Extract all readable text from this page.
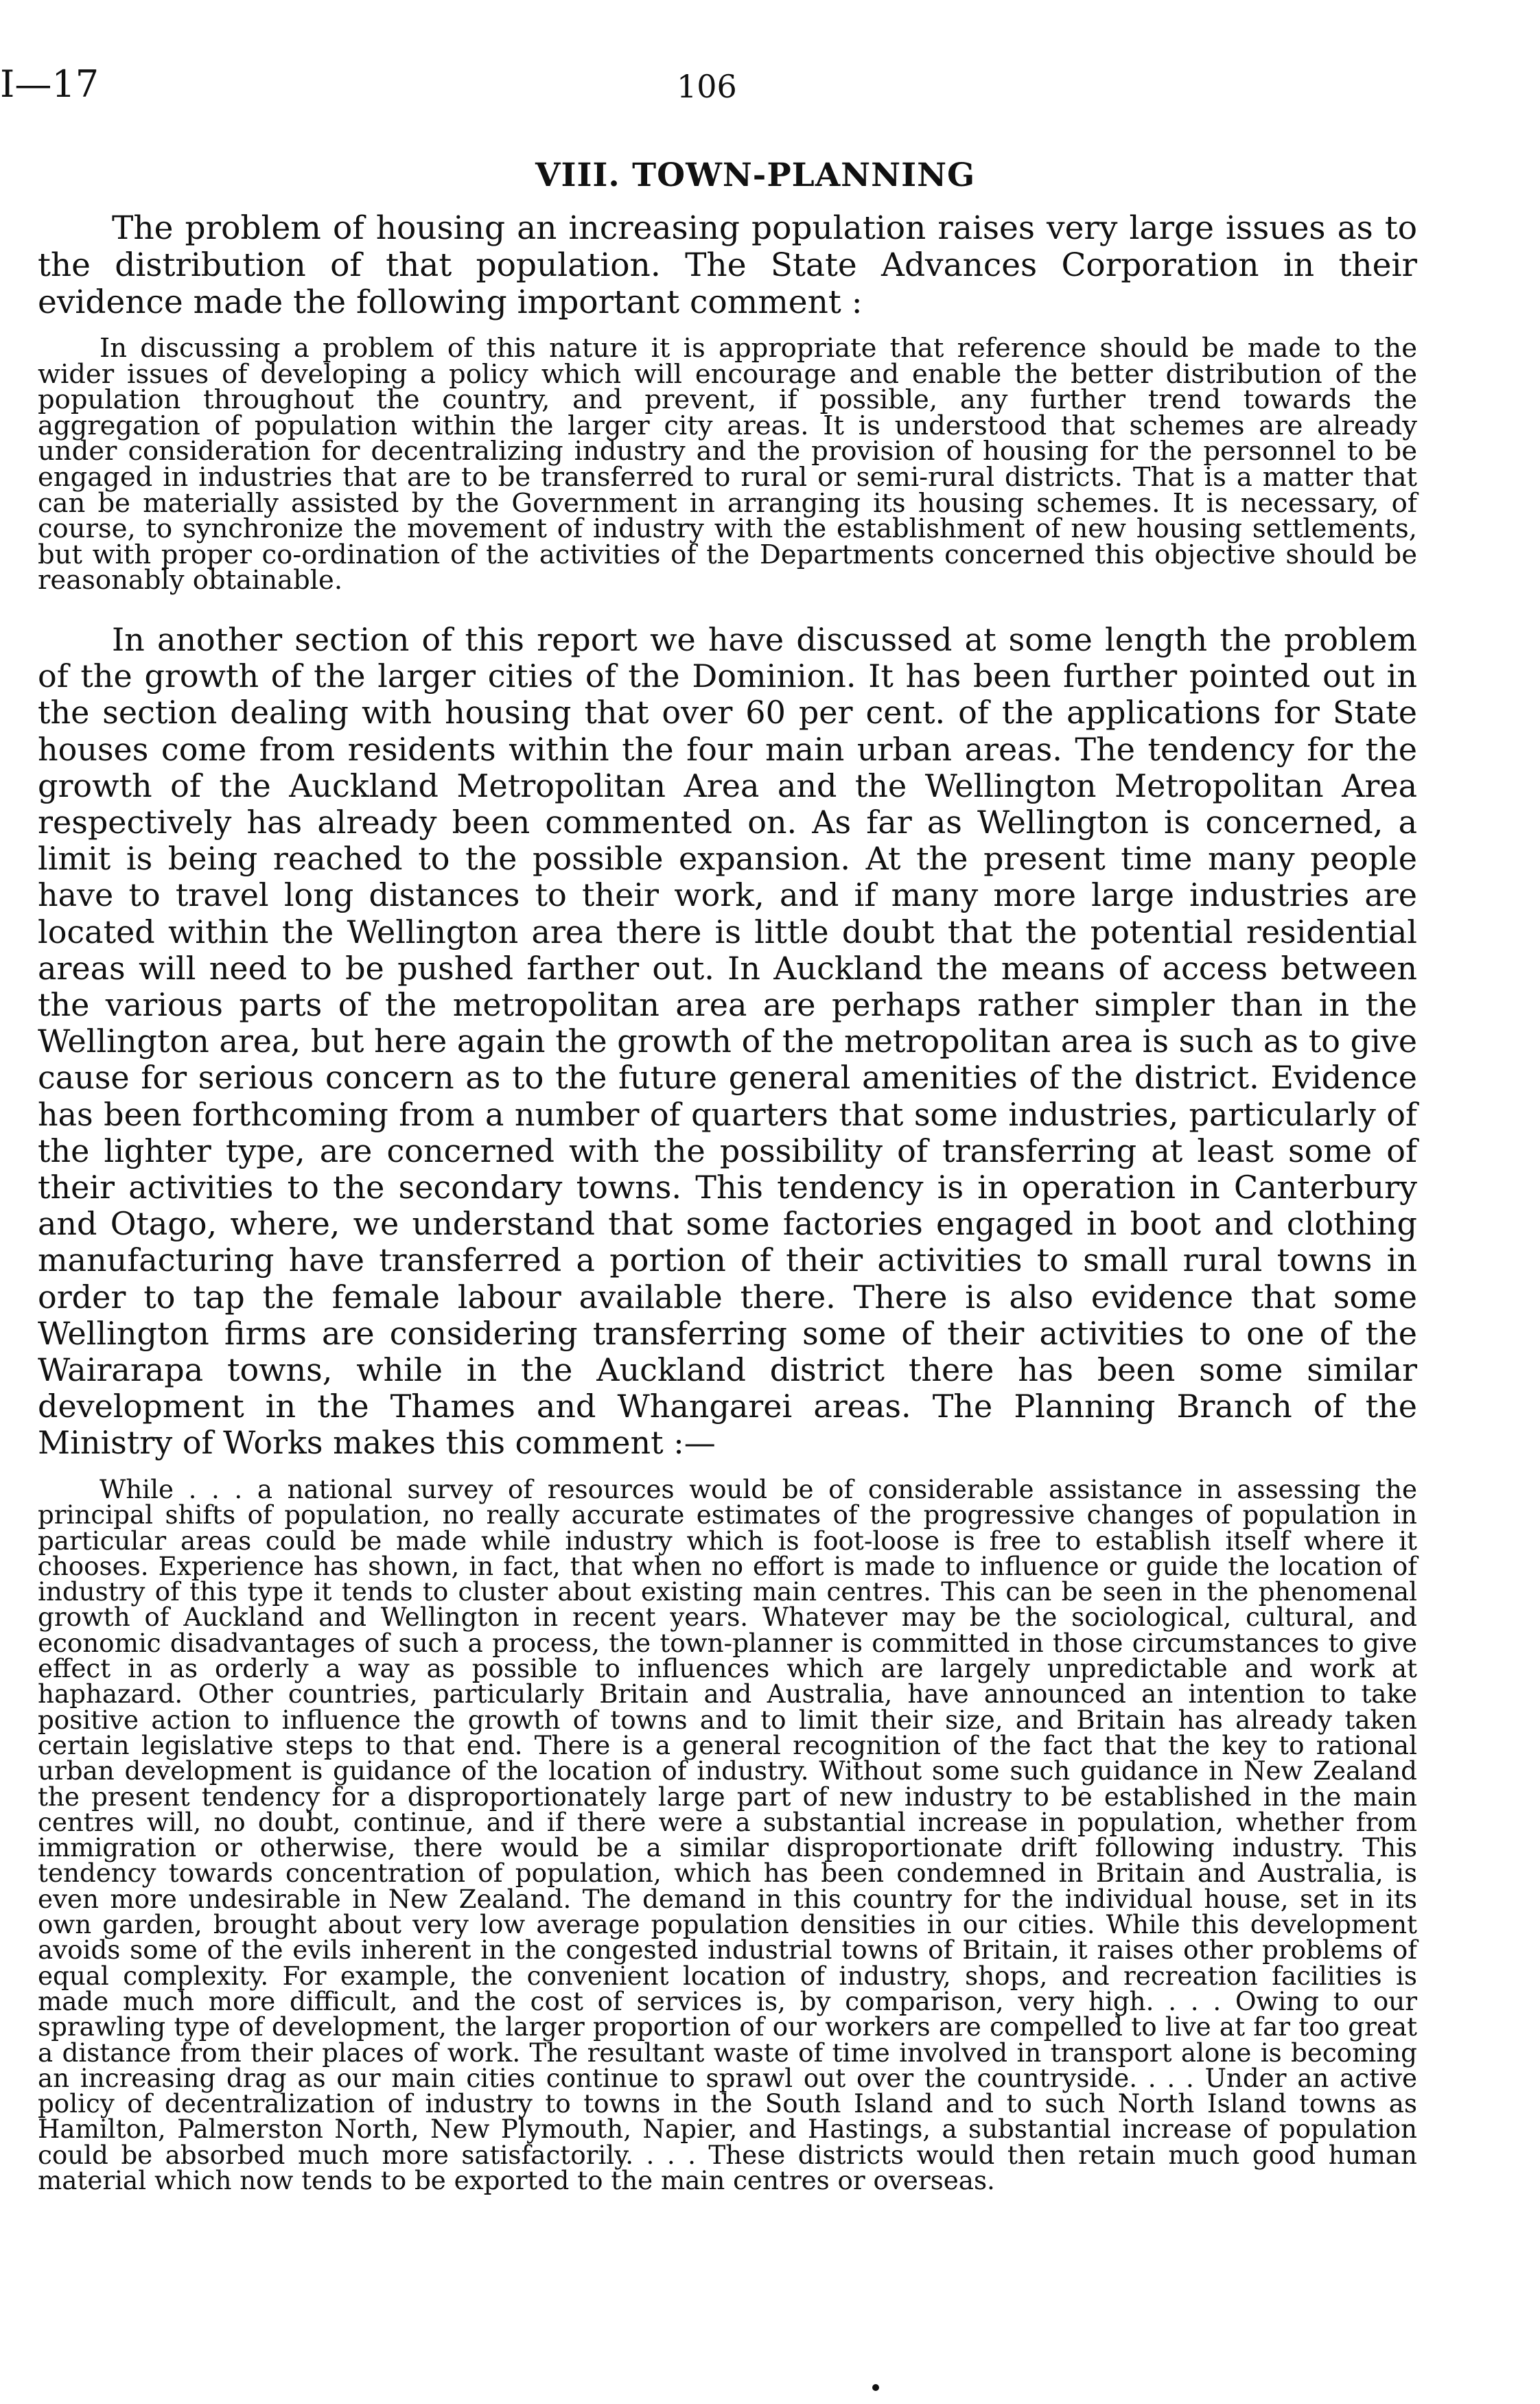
I—17	106
VIII. TOWN-PLANNING

The problem of housing an increasing population raises very large issues as to the distribution of that population. The State Advances Corporation in their evidence made the following important comment :

In discussing a problem of this nature it is appropriate that reference should be made to the wider issues of developing a policy which will encourage and enable the better distribution of the population throughout the country, and prevent, if possible, any further trend towards the aggregation of population within the larger city areas. It is understood that schemes are already under consideration for decentralizing industry and the provision of housing for the personnel to be engaged in industries that are to be transferred to rural or semi-rural districts. That is a matter that can be materially assisted by the Government in arranging its housing schemes. It is necessary, of course, to synchronize the movement of industry with the establishment of new housing settlements, but with proper co-ordination of the activities of the Departments concerned this objective should be reasonably obtainable.

In another section of this report we have discussed at some length the problem of the growth of the larger cities of the Dominion. It has been further pointed out in the section dealing with housing that over 60 per cent. of the applications for State houses come from residents within the four main urban areas. The tendency for the growth of the Auckland Metropolitan Area and the Wellington Metropolitan Area respectively has already been commented on. As far as Wellington is concerned, a limit is being reached to the possible expansion. At the present time many people have to travel long distances to their work, and if many more large industries are located within the Wellington area there is little doubt that the potential residential areas will need to be pushed farther out. In Auckland the means of access between the various parts of the metropolitan area are perhaps rather simpler than in the Wellington area, but here again the growth of the metropolitan area is such as to give cause for serious concern as to the future general amenities of the district. Evidence has been forthcoming from a number of quarters that some industries, particularly of the lighter type, are concerned with the possibility of transferring at least some of their activities to the secondary towns. This tendency is in operation in Canterbury and Otago, where, we understand that some factories engaged in boot and clothing manufacturing have transferred a portion of their activities to small rural towns in order to tap the female labour available there. There is also evidence that some Wellington firms are considering transferring some of their activities to one of the Wairarapa towns, while in the Auckland district there has been some similar development in the Thames and Whangarei areas. The Planning Branch of the Ministry of Works makes this comment :—

While . . . a national survey of resources would be of considerable assistance in assessing the principal shifts of population, no really accurate estimates of the progressive changes of population in particular areas could be made while industry which is foot-loose is free to establish itself where it chooses. Experience has shown, in fact, that when no effort is made to influence or guide the location of industry of this type it tends to cluster about existing main centres. This can be seen in the phenomenal growth of Auckland and Wellington in recent years. Whatever may be the sociological, cultural, and economic disadvantages of such a process, the town-planner is committed in those circumstances to give effect in as orderly a way as possible to influences which are largely unpredictable and work at haphazard. Other countries, particularly Britain and Australia, have announced an intention to take positive action to influence the growth of towns and to limit their size, and Britain has already taken certain legislative steps to that end. There is a general recognition of the fact that the key to rational urban development is guidance of the location of industry. Without some such guidance in New Zealand the present tendency for a disproportionately large part of new industry to be established in the main centres will, no doubt, continue, and if there were a substantial increase in population, whether from immigration or otherwise, there would be a similar disproportionate drift following industry. This tendency towards concentration of population, which has been condemned in Britain and Australia, is even more undesirable in New Zealand. The demand in this country for the individual house, set in its own garden, brought about very low average population densities in our cities. While this development avoids some of the evils inherent in the congested industrial towns of Britain, it raises other problems of equal complexity. For example, the convenient location of industry, shops, and recreation facilities is made much more difficult, and the cost of services is, by comparison, very high. . . . Owing to our sprawling type of development, the larger proportion of our workers are compelled to live at far too great a distance from their places of work. The resultant waste of time involved in transport alone is becoming an increasing drag as our main cities continue to sprawl out over the countryside. . . . Under an active policy of decentralization of industry to towns in the South Island and to such North Island towns as Hamilton, Palmerston North, New Plymouth, Napier, and Hastings, a substantial increase of population could be absorbed much more satisfactorily. . . . These districts would then retain much good human material which now tends to be exported to the main centres or overseas.
